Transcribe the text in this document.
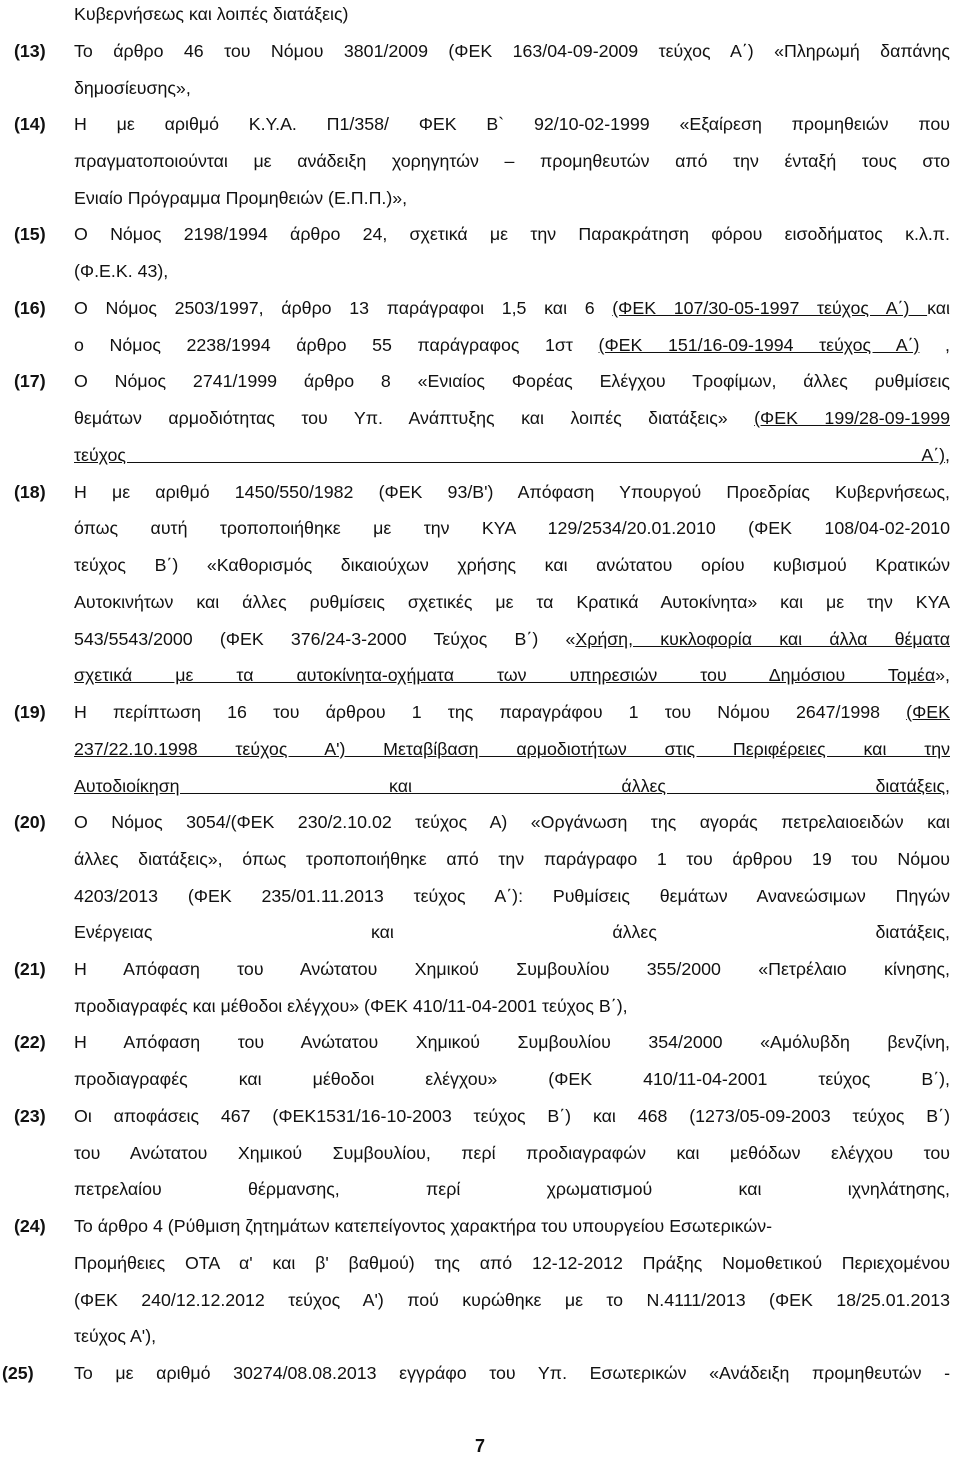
Κυβερνήσεως και λοιπές διατάξεις)
(13) Το άρθρο 46 του Νόμου 3801/2009 (ΦΕΚ 163/04-09-2009 τεύχος Α΄) «Πληρωμή δαπάνης
δημοσίευσης»,
(14) Η με αριθμό Κ.Υ.Α. Π1/358/ ΦΕΚ Β` 92/10-02-1999 «Εξαίρεση προμηθειών που
πραγματοποιούνται με ανάδειξη χορηγητών – προμηθευτών από την ένταξή τους στο
Ενιαίο Πρόγραμμα Προμηθειών (Ε.Π.Π.)»,
(15) Ο Νόμος 2198/1994 άρθρο 24, σχετικά με την Παρακράτηση φόρου εισοδήματος κ.λ.π.
(Φ.Ε.Κ. 43),
(16) Ο Νόμος 2503/1997, άρθρο 13 παράγραφοι 1,5 και 6 (ΦΕΚ 107/30-05-1997 τεύχος Α΄) και
ο Νόμος 2238/1994 άρθρο 55 παράγραφος 1στ (ΦΕΚ 151/16-09-1994 τεύχος Α΄) ,
(17) Ο Νόμος 2741/1999 άρθρο 8 «Ενιαίος Φορέας Ελέγχου Τροφίμων, άλλες ρυθμίσεις
θεμάτων αρμοδιότητας του Υπ. Ανάπτυξης και λοιπές διατάξεις» (ΦΕΚ 199/28-09-1999
τεύχος Α΄),
(18) Η με αριθμό 1450/550/1982 (ΦΕΚ 93/Β') Απόφαση Υπουργού Προεδρίας Κυβερνήσεως,
όπως αυτή τροποποιήθηκε με την ΚΥΑ 129/2534/20.01.2010 (ΦΕΚ 108/04-02-2010
τεύχος Β΄) «Καθορισμός δικαιούχων χρήσης και ανώτατου ορίου κυβισμού Κρατικών
Αυτοκινήτων και άλλες ρυθμίσεις σχετικές με τα Κρατικά Αυτοκίνητα» και με την ΚΥΑ
543/5543/2000 (ΦΕΚ 376/24-3-2000 Τεύχος Β΄) «Χρήση, κυκλοφορία και άλλα θέματα
σχετικά με τα αυτοκίνητα-οχήματα των υπηρεσιών του Δημόσιου Τομέα»,
(19) Η περίπτωση 16 του άρθρου 1 της παραγράφου 1 του Νόμου 2647/1998 (ΦΕΚ
237/22.10.1998 τεύχος Α') Μεταβίβαση αρμοδιοτήτων στις Περιφέρειες και την
Αυτοδιοίκηση και άλλες διατάξεις,
(20) Ο Νόμος 3054/(ΦΕΚ 230/2.10.02 τεύχος Α) «Οργάνωση της αγοράς πετρελαιοειδών και
άλλες διατάξεις», όπως τροποποιήθηκε από την παράγραφο 1 του άρθρου 19 του Νόμου
4203/2013 (ΦΕΚ 235/01.11.2013 τεύχος Α΄): Ρυθμίσεις θεμάτων Ανανεώσιμων Πηγών
Ενέργειας και άλλες διατάξεις,
(21) Η Απόφαση του Ανώτατου Χημικού Συμβουλίου 355/2000 «Πετρέλαιο κίνησης,
προδιαγραφές και μέθοδοι ελέγχου» (ΦΕΚ 410/11-04-2001 τεύχος Β΄),
(22) Η Απόφαση του Ανώτατου Χημικού Συμβουλίου 354/2000 «Αμόλυβδη βενζίνη,
προδιαγραφές και μέθοδοι ελέγχου» (ΦΕΚ 410/11-04-2001 τεύχος Β΄),
(23) Οι αποφάσεις 467 (ΦΕΚ1531/16-10-2003 τεύχος Β΄) και 468 (1273/05-09-2003 τεύχος Β΄)
του Ανώτατου Χημικού Συμβουλίου, περί προδιαγραφών και μεθόδων ελέγχου του
πετρελαίου θέρμανσης, περί χρωματισμού και ιχνηλάτησης,
(24) Το άρθρο 4 (Ρύθμιση ζητημάτων κατεπείγοντος χαρακτήρα του υπουργείου Εσωτερικών-
Προμήθειες ΟΤΑ α' και β' βαθμού) της από 12-12-2012 Πράξης Νομοθετικού Περιεχομένου
(ΦΕΚ 240/12.12.2012 τεύχος Α') πού κυρώθηκε με το Ν.4111/2013 (ΦΕΚ 18/25.01.2013
τεύχος Α'),
(25) Το με αριθμό 30274/08.08.2013 εγγράφο του Υπ. Εσωτερικών «Ανάδειξη προμηθευτών -
7
